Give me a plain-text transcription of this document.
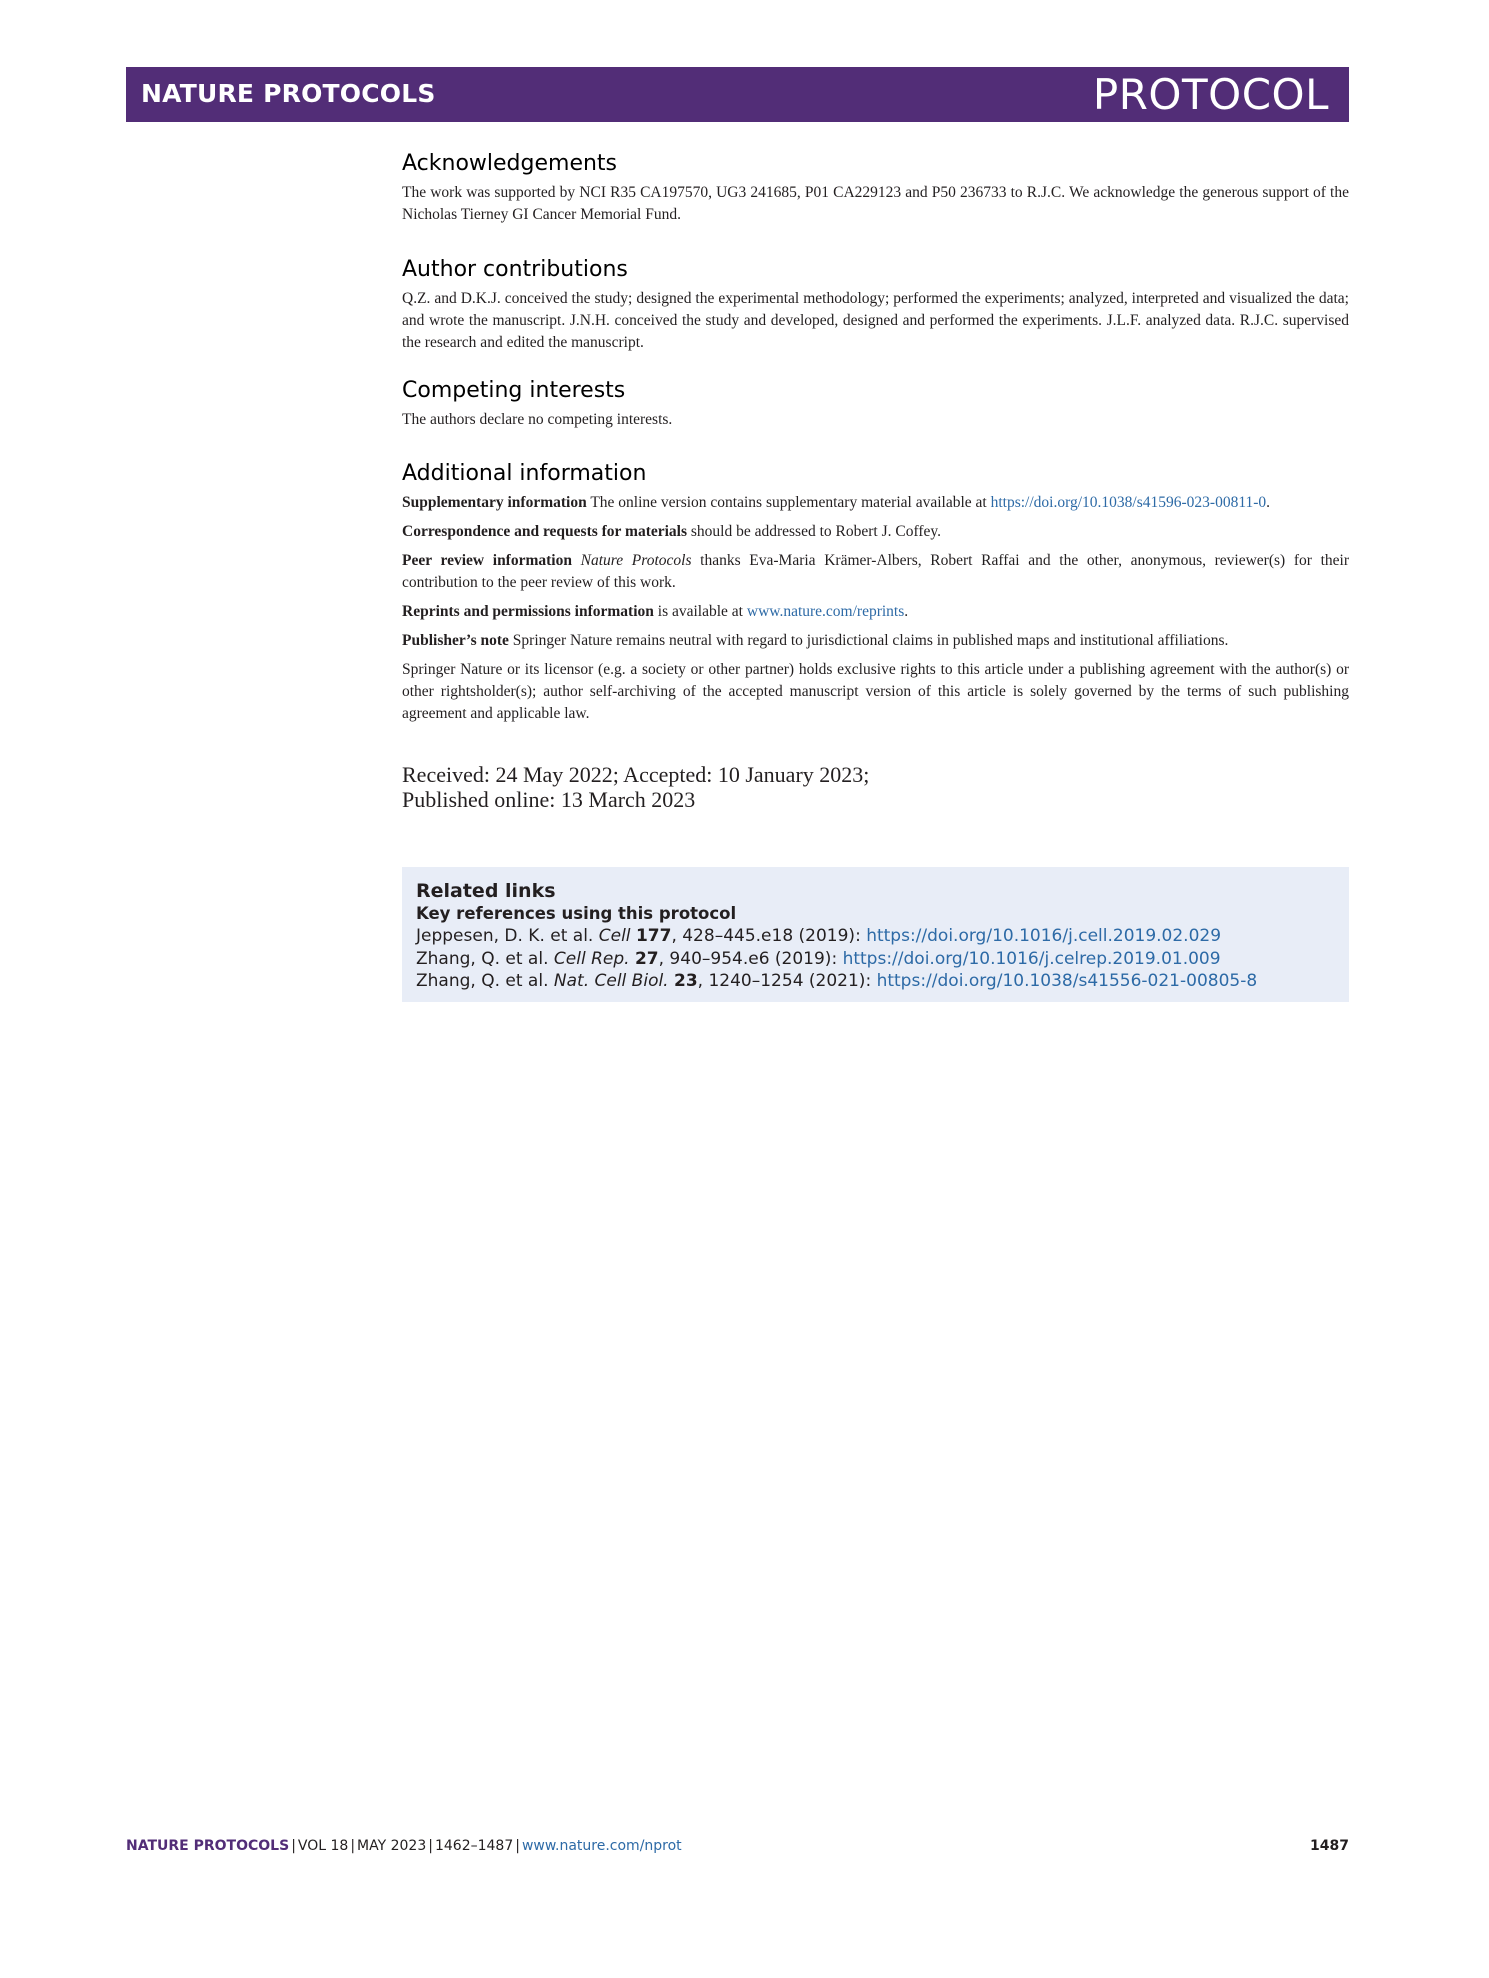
NATURE PROTOCOLS	PROTOCOL
Acknowledgements

The work was supported by NCI R35 CA197570, UG3 241685, P01 CA229123 and P50 236733 to R.J.C. We acknowledge the generous support of the Nicholas Tierney GI Cancer Memorial Fund.

Author contributions

Q.Z. and D.K.J. conceived the study; designed the experimental methodology; performed the experiments; analyzed, interpreted and visualized the data; and wrote the manuscript. J.N.H. conceived the study and developed, designed and performed the experiments. J.L.F. analyzed data. R.J.C. supervised the research and edited the manuscript.

Competing interests

The authors declare no competing interests.

Additional information

Supplementary information The online version contains supplementary material available at https://doi.org/10.1038/s41596-023-00811-0.

Correspondence and requests for materials should be addressed to Robert J. Coffey.

Peer review information Nature Protocols thanks Eva-Maria Krämer-Albers, Robert Raffai and the other, anonymous, reviewer(s) for their contribution to the peer review of this work.

Reprints and permissions information is available at www.nature.com/reprints.

Publisher’s note Springer Nature remains neutral with regard to jurisdictional claims in published maps and institutional affiliations.

Springer Nature or its licensor (e.g. a society or other partner) holds exclusive rights to this article under a publishing agreement with the author(s) or other rightsholder(s); author self-archiving of the accepted manuscript version of this article is solely governed by the terms of such publishing agreement and applicable law.

Received: 24 May 2022; Accepted: 10 January 2023;
Published online: 13 March 2023
Related links
Key references using this protocol
Jeppesen, D. K. et al. Cell 177, 428–445.e18 (2019): https://doi.org/10.1016/j.cell.2019.02.029
Zhang, Q. et al. Cell Rep. 27, 940–954.e6 (2019): https://doi.org/10.1016/j.celrep.2019.01.009
Zhang, Q. et al. Nat. Cell Biol. 23, 1240–1254 (2021): https://doi.org/10.1038/s41556-021-00805-8
NATURE PROTOCOLS | VOL 18 | MAY 2023 | 1462–1487 | www.nature.com/nprot	1487
